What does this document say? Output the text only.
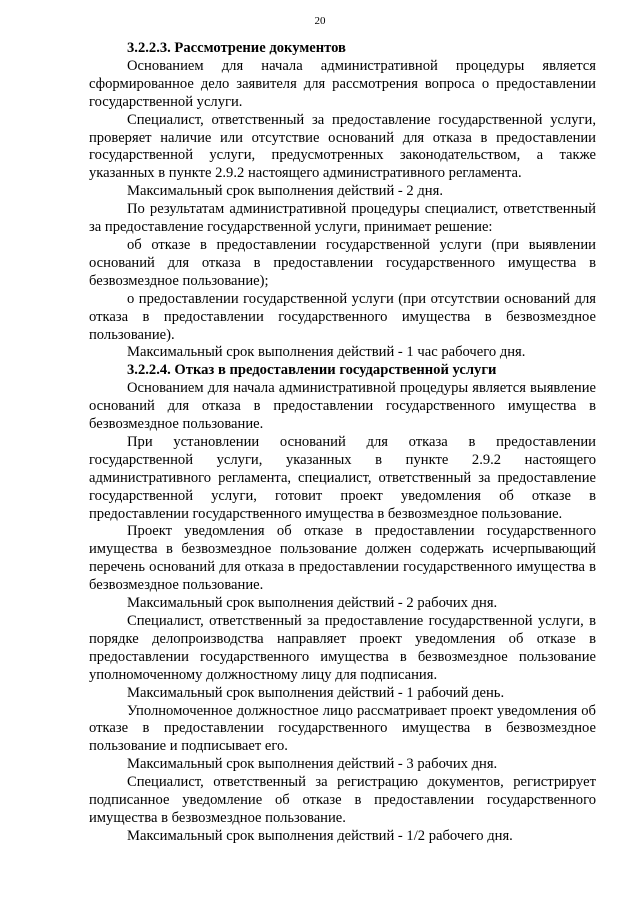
20

3.2.2.3. Рассмотрение документов

Основанием для начала административной процедуры является сформированное дело заявителя для рассмотрения вопроса о предоставлении государственной услуги.

Специалист, ответственный за предоставление государственной услуги, проверяет наличие или отсутствие оснований для отказа в предоставлении государственной услуги, предусмотренных законодательством, а также указанных в пункте 2.9.2 настоящего административного регламента.

Максимальный срок выполнения действий - 2 дня.

По результатам административной процедуры специалист, ответственный за предоставление государственной услуги, принимает решение:

об отказе в предоставлении государственной услуги (при выявлении оснований для отказа в предоставлении государственного имущества в безвозмездное пользование);

о предоставлении государственной услуги (при отсутствии оснований для отказа в предоставлении государственного имущества в безвозмездное пользование).

Максимальный срок выполнения действий - 1 час рабочего дня.

3.2.2.4. Отказ в предоставлении государственной услуги

Основанием для начала административной процедуры является выявление оснований для отказа в предоставлении государственного имущества в безвозмездное пользование.

При установлении оснований для отказа в предоставлении государственной услуги, указанных в пункте 2.9.2 настоящего административного регламента, специалист, ответственный за предоставление государственной услуги, готовит проект уведомления об отказе в предоставлении государственного имущества в безвозмездное пользование.

Проект уведомления об отказе в предоставлении государственного имущества в безвозмездное пользование должен содержать исчерпывающий перечень оснований для отказа в предоставлении государственного имущества в безвозмездное пользование.

Максимальный срок выполнения действий - 2 рабочих дня.

Специалист, ответственный за предоставление государственной услуги, в порядке делопроизводства направляет проект уведомления об отказе в предоставлении государственного имущества в безвозмездное пользование уполномоченному должностному лицу для подписания.

Максимальный срок выполнения действий - 1 рабочий день.

Уполномоченное должностное лицо рассматривает проект уведомления об отказе в предоставлении государственного имущества в безвозмездное пользование и подписывает его.

Максимальный срок выполнения действий - 3 рабочих дня.

Специалист, ответственный за регистрацию документов, регистрирует подписанное уведомление об отказе в предоставлении государственного имущества в безвозмездное пользование.

Максимальный срок выполнения действий - 1/2 рабочего дня.
